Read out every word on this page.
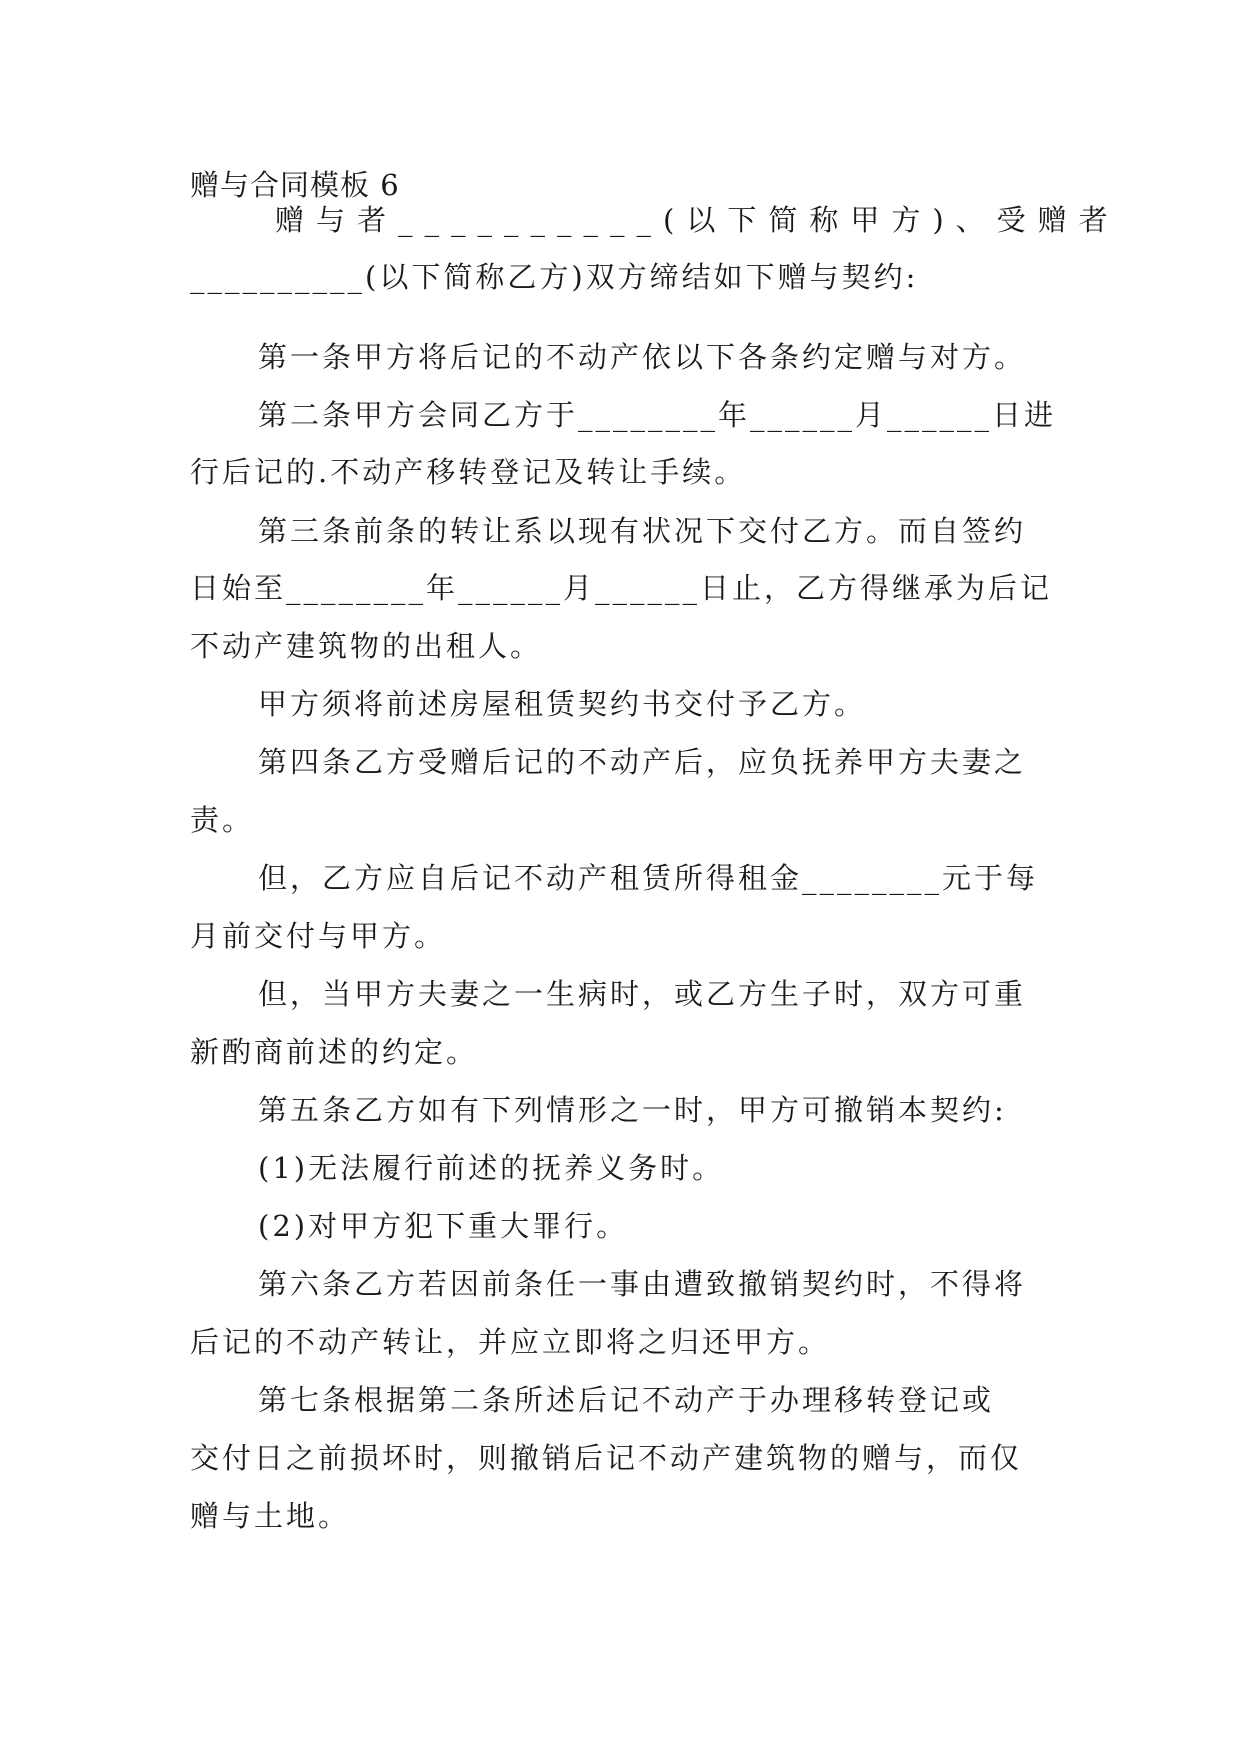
赠与合同模板 6
赠与者__________(以下简称甲方)、受赠者
__________(以下简称乙方)双方缔结如下赠与契约:
第一条甲方将后记的不动产依以下各条约定赠与对方。
第二条甲方会同乙方于________年______月______日进
行后记的.不动产移转登记及转让手续。
第三条前条的转让系以现有状况下交付乙方。而自签约
日始至________年______月______日止，乙方得继承为后记
不动产建筑物的出租人。
甲方须将前述房屋租赁契约书交付予乙方。
第四条乙方受赠后记的不动产后，应负抚养甲方夫妻之
责。
但，乙方应自后记不动产租赁所得租金________元于每
月前交付与甲方。
但，当甲方夫妻之一生病时，或乙方生子时，双方可重
新酌商前述的约定。
第五条乙方如有下列情形之一时，甲方可撤销本契约:
(1)无法履行前述的抚养义务时。
(2)对甲方犯下重大罪行。
第六条乙方若因前条任一事由遭致撤销契约时，不得将
后记的不动产转让，并应立即将之归还甲方。
第七条根据第二条所述后记不动产于办理移转登记或
交付日之前损坏时，则撤销后记不动产建筑物的赠与，而仅
赠与土地。
